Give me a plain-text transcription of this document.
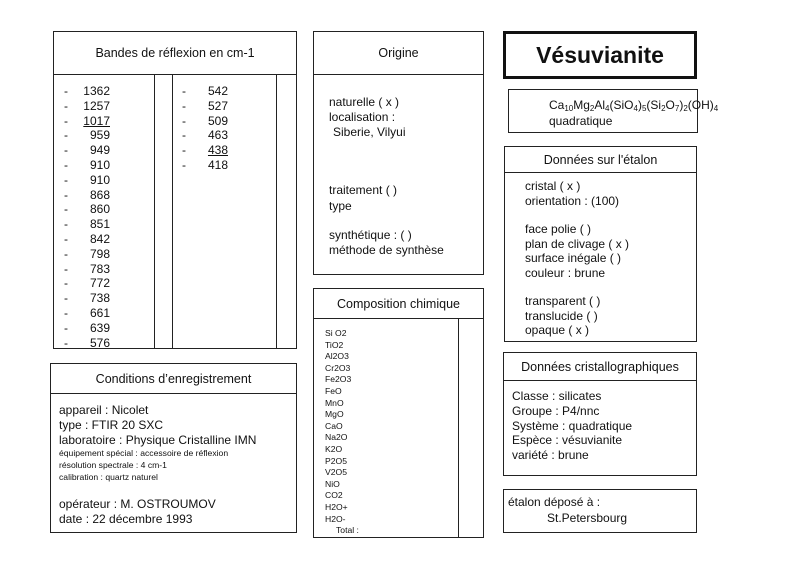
Bandes de réflexion en cm-1
- 1362
- 1257
- 1017
-	959
-	949
-	910
-	910
-	868
-	860
-	851
-	842
-	798
-	783
-	772
-	738
-	661
-	639
-	576
-	542
-	527
-	509
-	463
-	438
-	418
Origine
naturelle ( x )
localisation :
Siberie, Vilyui
traitement ( )
type
synthétique : ( )
méthode de synthèse
Vésuvianite
$Ca_{10}Mg_2Al_4(SiO_4)_5(Si_2O_7)_2(OH)_4$
quadratique
Données sur l'étalon
cristal ( x )
orientation : (100)
face polie ( )
plan de clivage ( x )
surface inégale ( )
couleur : brune
transparent ( )
translucide ( )
opaque ( x )
Composition chimique
Si O2
TiO2
Al2O3
Cr2O3
Fe2O3
FeO
MnO
MgO
CaO
Na2O
K2O
P2O5
V2O5
NiO
CO2
H2O+
H2O-
Total :
Conditions d’enregistrement
appareil : Nicolet
type : FTIR 20 SXC
laboratoire : Physique Cristalline IMN
équipement spécial : accessoire de réflexion
résolution spectrale : 4 cm-1
calibration : quartz naturel
opérateur : M. OSTROUMOV
date : 22 décembre 1993
Données cristallographiques
Classe : silicates
Groupe : P4/nnc
Système : quadratique
Espèce : vésuvianite
variété : brune
étalon déposé à :
St.Petersbourg
